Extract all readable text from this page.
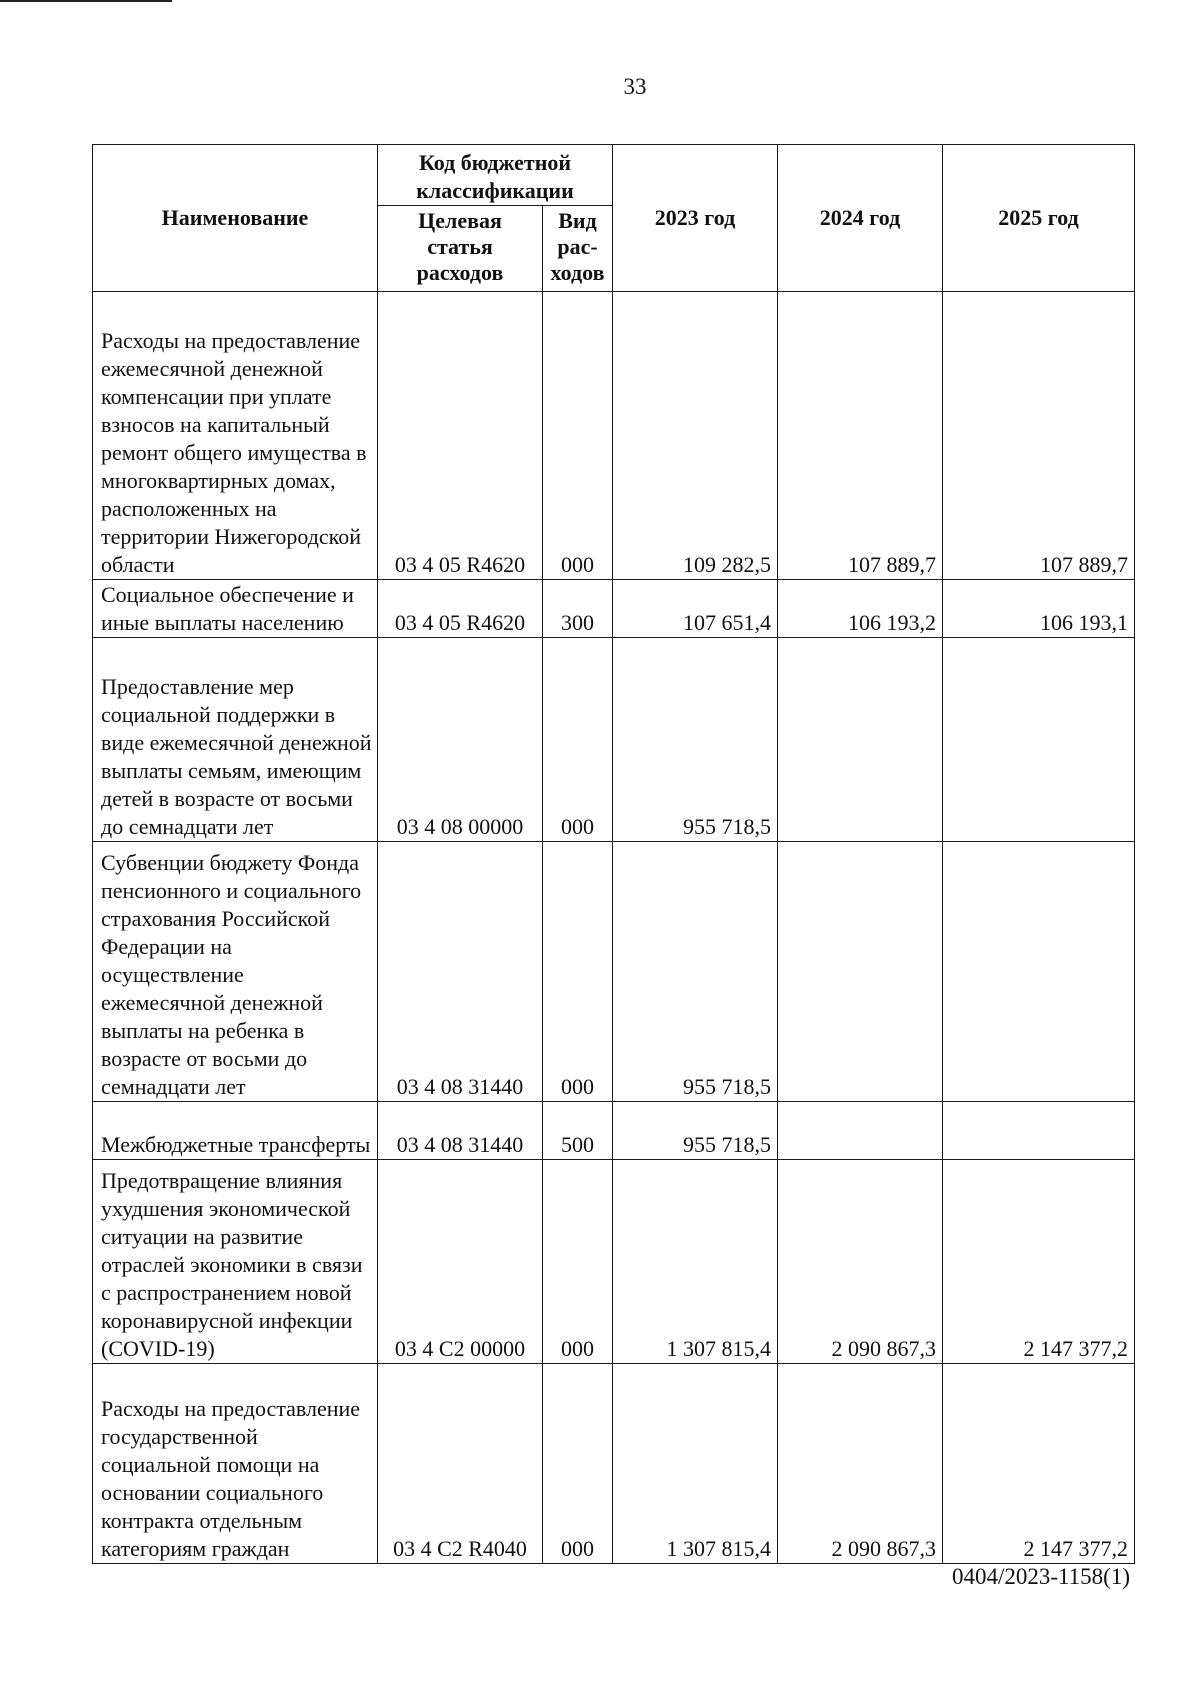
33
Наименование	Код бюджетной классификации		2023 год	2024 год	2025 год
	Целевая статья расходов	Вид рас-ходов			
Расходы на предоставление ежемесячной денежной компенсации при уплате взносов на капитальный ремонт общего имущества в многоквартирных домах, расположенных на территории Нижегородской области	03 4 05 R4620	000	109 282,5	107 889,7	107 889,7
Социальное обеспечение и иные выплаты населению	03 4 05 R4620	300	107 651,4	106 193,2	106 193,1
Предоставление мер социальной поддержки в виде ежемесячной денежной выплаты семьям, имеющим детей в возрасте от восьми до семнадцати лет	03 4 08 00000	000	955 718,5		
Субвенции бюджету Фонда пенсионного и социального страхования Российской Федерации на осуществление ежемесячной денежной выплаты на ребенка в возрасте от восьми до семнадцати лет	03 4 08 31440	000	955 718,5		
Межбюджетные трансферты	03 4 08 31440	500	955 718,5		
Предотвращение влияния ухудшения экономической ситуации на развитие отраслей экономики в связи с распространением новой коронавирусной инфекции (COVID-19)	03 4 C2 00000	000	1 307 815,4	2 090 867,3	2 147 377,2
Расходы на предоставление государственной социальной помощи на основании социального контракта отдельным категориям граждан	03 4 C2 R4040	000	1 307 815,4	2 090 867,3	2 147 377,2
0404/2023-1158(1)
